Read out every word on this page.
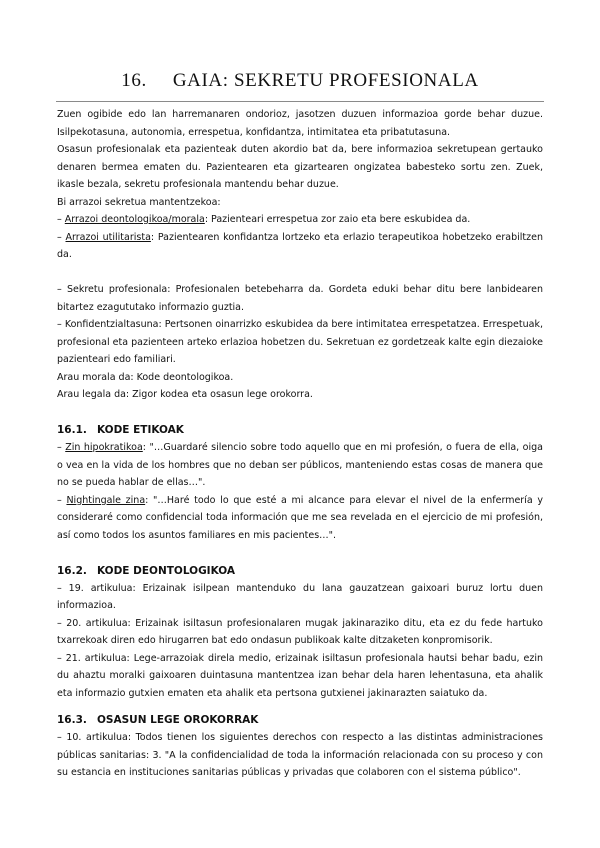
16. GAIA: SEKRETU PROFESIONALA

Zuen ogibide edo lan harremanaren ondorioz, jasotzen duzuen informazioa gorde behar duzue. Isilpekotasuna, autonomia, errespetua, konfidantza, intimitatea eta pribatutasuna.

Osasun profesionalak eta pazienteak duten akordio bat da, bere informazioa sekretupean gertauko denaren bermea ematen du. Pazientearen eta gizartearen ongizatea babesteko sortu zen. Zuek, ikasle bezala, sekretu profesionala mantendu behar duzue.

Bi arrazoi sekretua mantentzekoa:

– Arrazoi deontologikoa/morala: Pazienteari errespetua zor zaio eta bere eskubidea da.

– Arrazoi utilitarista: Pazientearen konfidantza lortzeko eta erlazio terapeutikoa hobetzeko erabiltzen da.

– Sekretu profesionala: Profesionalen betebeharra da. Gordeta eduki behar ditu bere lanbidearen bitartez ezagututako informazio guztia.

– Konfidentzialtasuna: Pertsonen oinarrizko eskubidea da bere intimitatea errespetatzea. Errespetuak, profesional eta pazienteen arteko erlazioa hobetzen du. Sekretuan ez gordetzeak kalte egin diezaioke pazienteari edo familiari.

Arau morala da: Kode deontologikoa.

Arau legala da: Zigor kodea eta osasun lege orokorra.

16.1. KODE ETIKOAK

– Zin hipokratikoa: "…Guardaré silencio sobre todo aquello que en mi profesión, o fuera de ella, oiga o vea en la vida de los hombres que no deban ser públicos, manteniendo estas cosas de manera que no se pueda hablar de ellas…".

– Nightingale zina: "…Haré todo lo que esté a mi alcance para elevar el nivel de la enfermería y consideraré como confidencial toda información que me sea revelada en el ejercicio de mi profesión, así como todos los asuntos familiares en mis pacientes…".

16.2. KODE DEONTOLOGIKOA

– 19. artikulua: Erizainak isilpean mantenduko du lana gauzatzean gaixoari buruz lortu duen informazioa.

– 20. artikulua: Erizainak isiltasun profesionalaren mugak jakinaraziko ditu, eta ez du fede hartuko txarrekoak diren edo hirugarren bat edo ondasun publikoak kalte ditzaketen konpromisorik.

– 21. artikulua: Lege-arrazoiak direla medio, erizainak isiltasun profesionala hautsi behar badu, ezin du ahaztu moralki gaixoaren duintasuna mantentzea izan behar dela haren lehentasuna, eta ahalik eta informazio gutxien ematen eta ahalik eta pertsona gutxienei jakinarazten saiatuko da.

16.3. OSASUN LEGE OROKORRAK

– 10. artikulua: Todos tienen los siguientes derechos con respecto a las distintas administraciones públicas sanitarias: 3. "A la confidencialidad de toda la información relacionada con su proceso y con su estancia en instituciones sanitarias públicas y privadas que colaboren con el sistema público".
